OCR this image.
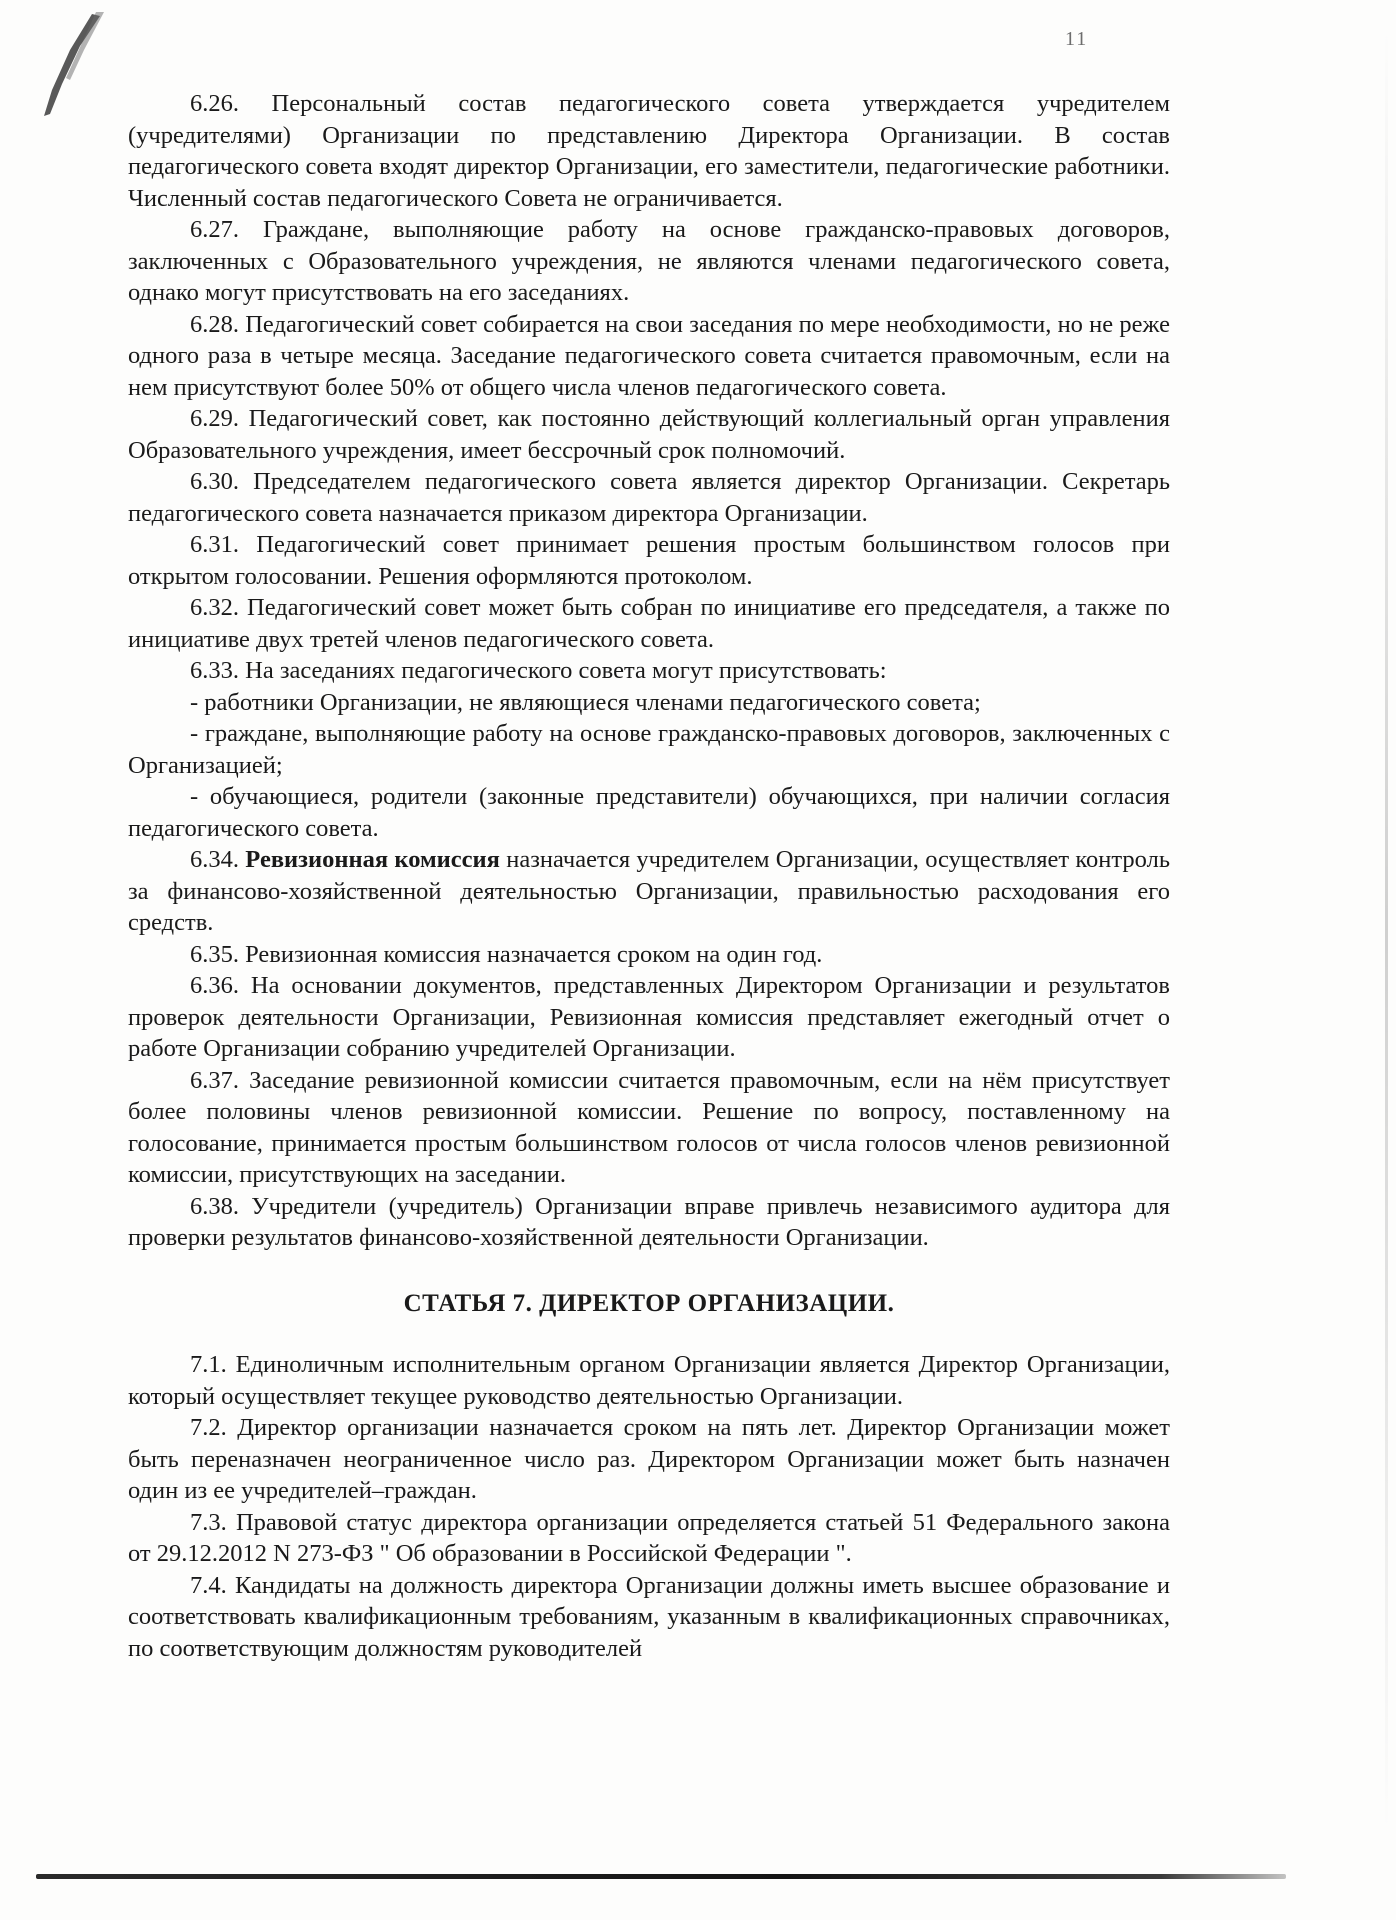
11

6.26. Персональный состав педагогического совета утверждается учредителем (учредителями) Организации по представлению Директора Организации. В состав педагогического совета входят директор Организации, его заместители, педагогические работники. Численный состав педагогического Совета не ограничивается.

6.27. Граждане, выполняющие работу на основе гражданско-правовых договоров, заключенных с Образовательного учреждения, не являются членами педагогического совета, однако могут присутствовать на его заседаниях.

6.28. Педагогический совет собирается на свои заседания по мере необходимости, но не реже одного раза в четыре месяца. Заседание педагогического совета считается правомочным, если на нем присутствуют более 50% от общего числа членов педагогического совета.

6.29. Педагогический совет, как постоянно действующий коллегиальный орган управления Образовательного учреждения, имеет бессрочный срок полномочий.

6.30. Председателем педагогического совета является директор Организации. Секретарь педагогического совета назначается приказом директора Организации.

6.31. Педагогический совет принимает решения простым большинством голосов при открытом голосовании. Решения оформляются протоколом.

6.32. Педагогический совет может быть собран по инициативе его председателя, а также по инициативе двух третей членов педагогического совета.

6.33. На заседаниях педагогического совета могут присутствовать:

- работники Организации, не являющиеся членами педагогического совета;

- граждане, выполняющие работу на основе гражданско-правовых договоров, заключенных с Организацией;

- обучающиеся, родители (законные представители) обучающихся, при наличии согласия педагогического совета.

6.34. Ревизионная комиссия назначается учредителем Организации, осуществляет контроль за финансово-хозяйственной деятельностью Организации, правильностью расходования его средств.

6.35. Ревизионная комиссия назначается сроком на один год.

6.36. На основании документов, представленных Директором Организации и результатов проверок деятельности Организации, Ревизионная комиссия представляет ежегодный отчет о работе Организации собранию учредителей Организации.

6.37. Заседание ревизионной комиссии считается правомочным, если на нём присутствует более половины членов ревизионной комиссии. Решение по вопросу, поставленному на голосование, принимается простым большинством голосов от числа голосов членов ревизионной комиссии, присутствующих на заседании.

6.38. Учредители (учредитель) Организации вправе привлечь независимого аудитора для проверки результатов финансово-хозяйственной деятельности Организации.

СТАТЬЯ 7. ДИРЕКТОР ОРГАНИЗАЦИИ.

7.1. Единоличным исполнительным органом Организации является Директор Организации, который осуществляет текущее руководство деятельностью Организации.

7.2. Директор организации назначается сроком на пять лет. Директор Организации может быть переназначен неограниченное число раз. Директором Организации может быть назначен один из ее учредителей–граждан.

7.3. Правовой статус директора организации определяется статьей 51 Федерального закона от 29.12.2012 N 273-ФЗ " Об образовании в Российской Федерации ".

7.4. Кандидаты на должность директора Организации должны иметь высшее образование и соответствовать квалификационным требованиям, указанным в квалификационных справочниках, по соответствующим должностям руководителей
